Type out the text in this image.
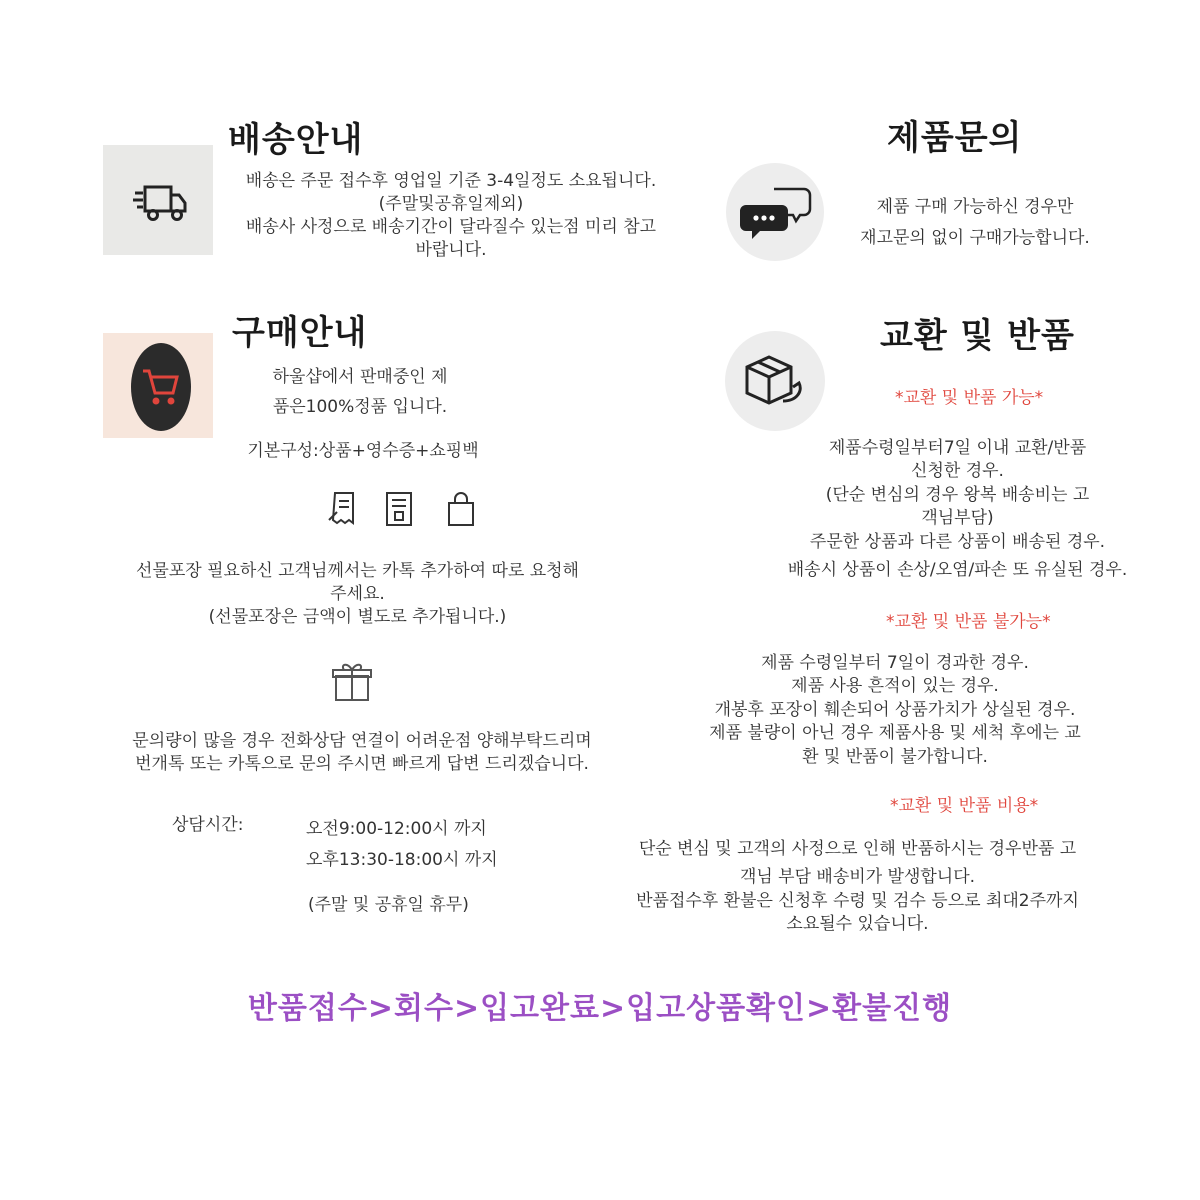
배송안내
배송은 주문 접수후 영업일 기준 3-4일정도 소요됩니다.
(주말및공휴일제외)
배송사 사정으로 배송기간이 달라질수 있는점 미리 참고
바랍니다.
제품문의
제품 구매 가능하신 경우만
재고문의 없이 구매가능합니다.
구매안내
하울샵에서 판매중인 제
품은100%정품 입니다.
기본구성:상품+영수증+쇼핑백
선물포장 필요하신 고객님께서는 카톡 추가하여 따로 요청해
주세요.
(선물포장은 금액이 별도로 추가됩니다.)
문의량이 많을 경우 전화상담 연결이 어려운점 양해부탁드리며
번개톡 또는 카톡으로 문의 주시면 빠르게 답변 드리겠습니다.
상담시간:	오전9:00-12:00시 까지
오후13:30-18:00시 까지
(주말 및 공휴일 휴무)
교환 및 반품
*교환 및 반품 가능*
제품수령일부터7일 이내 교환/반품
신청한 경우.
(단순 변심의 경우 왕복 배송비는 고
객님부담)
주문한 상품과 다른 상품이 배송된 경우.
배송시 상품이 손상/오염/파손 또 유실된 경우.
*교환 및 반품 불가능*
제품 수령일부터 7일이 경과한 경우.
제품 사용 흔적이 있는 경우.
개봉후 포장이 훼손되어 상품가치가 상실된 경우.
제품 불량이 아닌 경우 제품사용 및 세척 후에는 교
환 및 반품이 불가합니다.
*교환 및 반품 비용*
단순 변심 및 고객의 사정으로 인해 반품하시는 경우반품 고
객님 부담 배송비가 발생합니다.
반품접수후 환불은 신청후 수령 및 검수 등으로 최대2주까지
소요될수 있습니다.
반품접수>회수>입고완료>입고상품확인>환불진행
